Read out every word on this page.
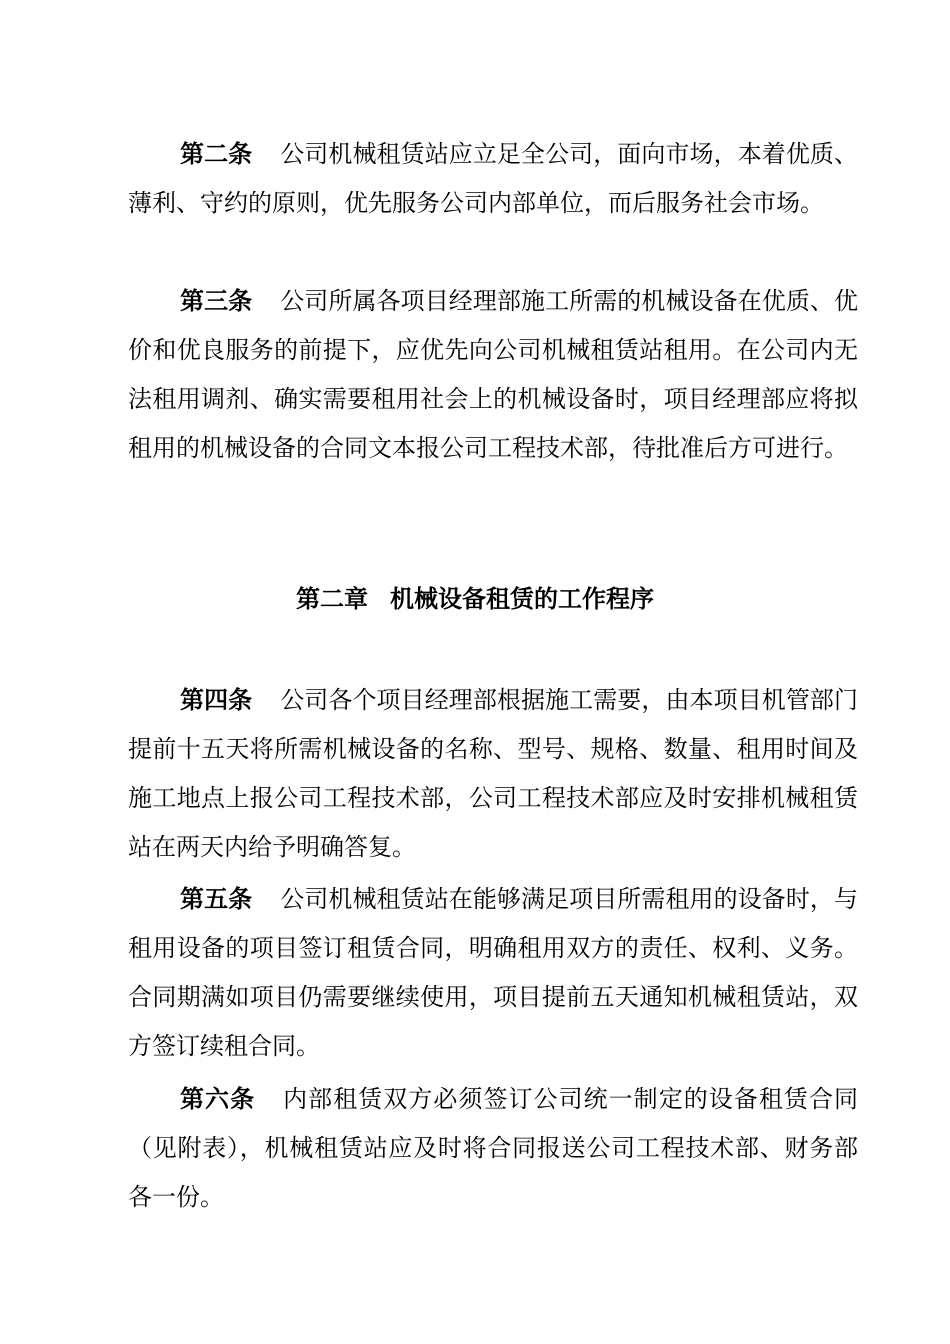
第二条 公司机械租赁站应立足全公司，面向市场，本着优质、薄利、守约的原则，优先服务公司内部单位，而后服务社会市场。

第三条 公司所属各项目经理部施工所需的机械设备在优质、优价和优良服务的前提下，应优先向公司机械租赁站租用。在公司内无法租用调剂、确实需要租用社会上的机械设备时，项目经理部应将拟租用的机械设备的合同文本报公司工程技术部，待批准后方可进行。

第二章 机械设备租赁的工作程序

第四条 公司各个项目经理部根据施工需要，由本项目机管部门提前十五天将所需机械设备的名称、型号、规格、数量、租用时间及施工地点上报公司工程技术部，公司工程技术部应及时安排机械租赁站在两天内给予明确答复。

第五条 公司机械租赁站在能够满足项目所需租用的设备时，与租用设备的项目签订租赁合同，明确租用双方的责任、权利、义务。合同期满如项目仍需要继续使用，项目提前五天通知机械租赁站，双方签订续租合同。

第六条 内部租赁双方必须签订公司统一制定的设备租赁合同（见附表），机械租赁站应及时将合同报送公司工程技术部、财务部各一份。
